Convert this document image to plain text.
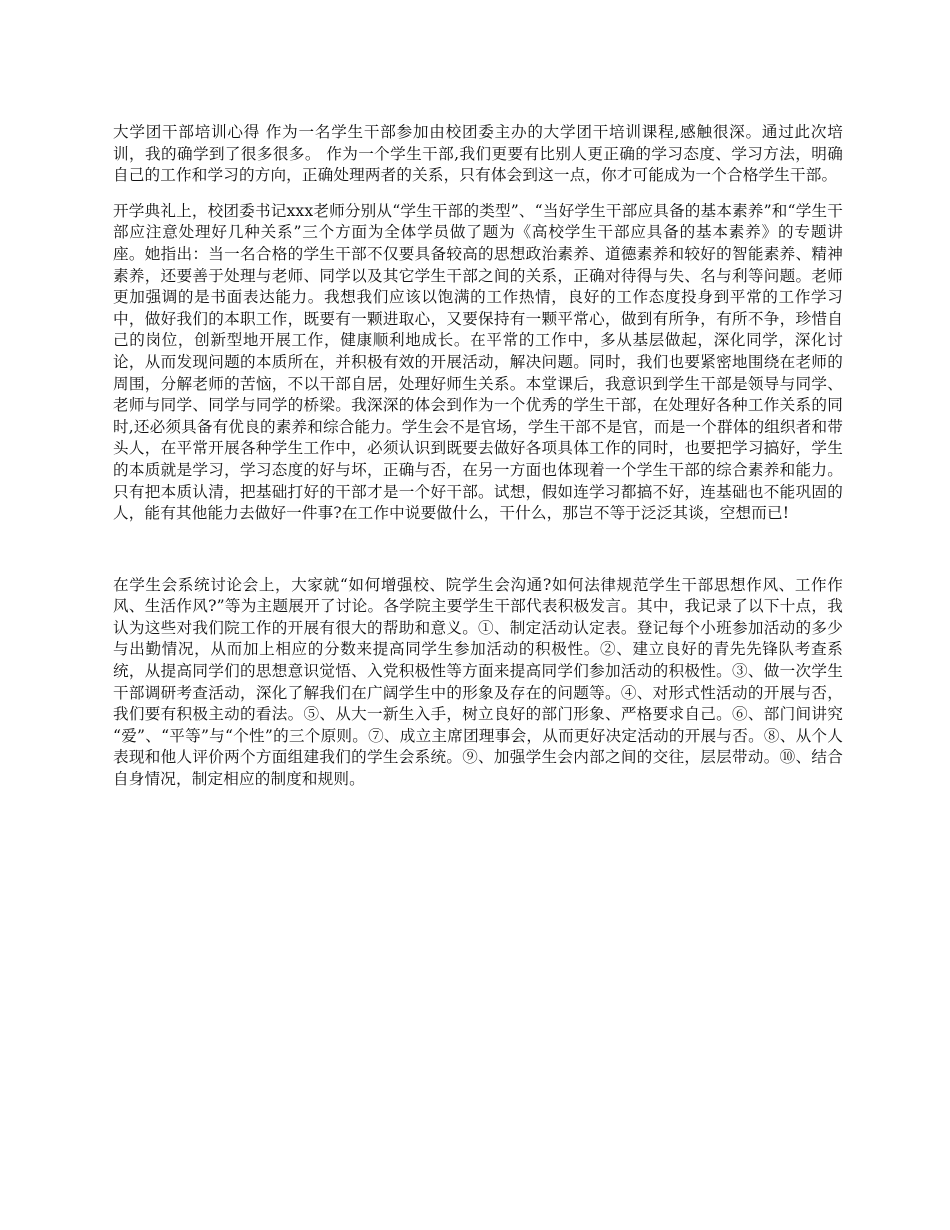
大学团干部培训心得 作为一名学生干部参加由校团委主办的大学团干培训课程,感触很深。通过此次培训，我的确学到了很多很多。 作为一个学生干部,我们更要有比别人更正确的学习态度、学习方法，明确自己的工作和学习的方向，正确处理两者的关系，只有体会到这一点，你才可能成为一个合格学生干部。

开学典礼上，校团委书记xxx老师分别从“学生干部的类型”、“当好学生干部应具备的基本素养”和“学生干部应注意处理好几种关系”三个方面为全体学员做了题为《高校学生干部应具备的基本素养》的专题讲座。她指出：当一名合格的学生干部不仅要具备较高的思想政治素养、道德素养和较好的智能素养、精神素养，还要善于处理与老师、同学以及其它学生干部之间的关系，正确对待得与失、名与利等问题。老师更加强调的是书面表达能力。我想我们应该以饱满的工作热情，良好的工作态度投身到平常的工作学习中，做好我们的本职工作，既要有一颗进取心，又要保持有一颗平常心，做到有所争，有所不争，珍惜自己的岗位，创新型地开展工作，健康顺利地成长。在平常的工作中，多从基层做起，深化同学，深化讨论，从而发现问题的本质所在，并积极有效的开展活动，解决问题。同时，我们也要紧密地围绕在老师的周围，分解老师的苦恼，不以干部自居，处理好师生关系。本堂课后，我意识到学生干部是领导与同学、老师与同学、同学与同学的桥梁。我深深的体会到作为一个优秀的学生干部，在处理好各种工作关系的同时,还必须具备有优良的素养和综合能力。学生会不是官场，学生干部不是官，而是一个群体的组织者和带头人，在平常开展各种学生工作中，必须认识到既要去做好各项具体工作的同时，也要把学习搞好，学生的本质就是学习，学习态度的好与坏，正确与否，在另一方面也体现着一个学生干部的综合素养和能力。只有把本质认清，把基础打好的干部才是一个好干部。试想，假如连学习都搞不好，连基础也不能巩固的人，能有其他能力去做好一件事?在工作中说要做什么，干什么，那岂不等于泛泛其谈，空想而已!

在学生会系统讨论会上，大家就“如何增强校、院学生会沟通?如何法律规范学生干部思想作风、工作作风、生活作风?”等为主题展开了讨论。各学院主要学生干部代表积极发言。其中，我记录了以下十点，我认为这些对我们院工作的开展有很大的帮助和意义。①、制定活动认定表。登记每个小班参加活动的多少与出勤情况，从而加上相应的分数来提高同学生参加活动的积极性。②、建立良好的青先先锋队考查系统，从提高同学们的思想意识觉悟、入党积极性等方面来提高同学们参加活动的积极性。③、做一次学生干部调研考查活动，深化了解我们在广阔学生中的形象及存在的问题等。④、对形式性活动的开展与否，我们要有积极主动的看法。⑤、从大一新生入手，树立良好的部门形象、严格要求自己。⑥、部门间讲究 “爱”、“平等”与“个性”的三个原则。⑦、成立主席团理事会，从而更好决定活动的开展与否。⑧、从个人表现和他人评价两个方面组建我们的学生会系统。⑨、加强学生会内部之间的交往，层层带动。⑩、结合自身情况，制定相应的制度和规则。
